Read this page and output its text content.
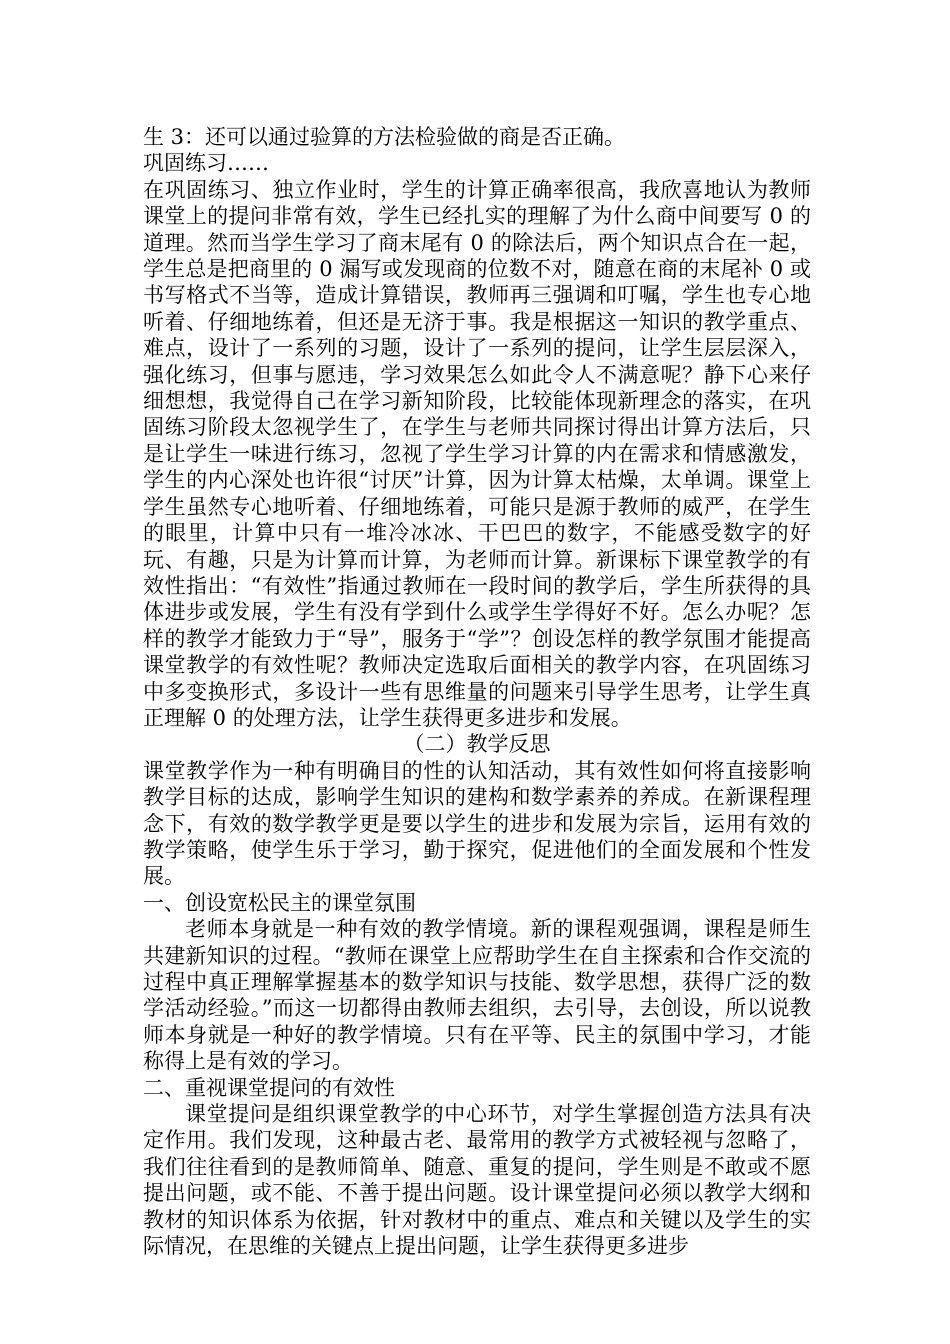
生 3：还可以通过验算的方法检验做的商是否正确。

巩固练习……

在巩固练习、独立作业时，学生的计算正确率很高，我欣喜地认为教师课堂上的提问非常有效，学生已经扎实的理解了为什么商中间要写 0 的道理。然而当学生学习了商末尾有 0 的除法后，两个知识点合在一起，学生总是把商里的 0 漏写或发现商的位数不对，随意在商的末尾补 0 或书写格式不当等，造成计算错误，教师再三强调和叮嘱，学生也专心地听着、仔细地练着，但还是无济于事。我是根据这一知识的教学重点、难点，设计了一系列的习题，设计了一系列的提问，让学生层层深入，强化练习，但事与愿违，学习效果怎么如此令人不满意呢？静下心来仔细想想，我觉得自己在学习新知阶段，比较能体现新理念的落实，在巩固练习阶段太忽视学生了，在学生与老师共同探讨得出计算方法后，只是让学生一味进行练习，忽视了学生学习计算的内在需求和情感激发，学生的内心深处也许很“讨厌”计算，因为计算太枯燥，太单调。课堂上学生虽然专心地听着、仔细地练着，可能只是源于教师的威严，在学生的眼里，计算中只有一堆冷冰冰、干巴巴的数字，不能感受数字的好玩、有趣，只是为计算而计算，为老师而计算。新课标下课堂教学的有效性指出：“有效性”指通过教师在一段时间的教学后，学生所获得的具体进步或发展，学生有没有学到什么或学生学得好不好。怎么办呢？怎样的教学才能致力于“导”，服务于“学”？创设怎样的教学氛围才能提高课堂教学的有效性呢？教师决定选取后面相关的教学内容，在巩固练习中多变换形式，多设计一些有思维量的问题来引导学生思考，让学生真正理解 0 的处理方法，让学生获得更多进步和发展。

（二）教学反思

课堂教学作为一种有明确目的性的认知活动，其有效性如何将直接影响教学目标的达成，影响学生知识的建构和数学素养的养成。在新课程理念下，有效的数学教学更是要以学生的进步和发展为宗旨，运用有效的教学策略，使学生乐于学习，勤于探究，促进他们的全面发展和个性发展。

一、创设宽松民主的课堂氛围

老师本身就是一种有效的教学情境。新的课程观强调，课程是师生共建新知识的过程。“教师在课堂上应帮助学生在自主探索和合作交流的过程中真正理解掌握基本的数学知识与技能、数学思想，获得广泛的数学活动经验。”而这一切都得由教师去组织，去引导，去创设，所以说教师本身就是一种好的教学情境。只有在平等、民主的氛围中学习，才能称得上是有效的学习。

二、重视课堂提问的有效性

课堂提问是组织课堂教学的中心环节，对学生掌握创造方法具有决定作用。我们发现，这种最古老、最常用的教学方式被轻视与忽略了，我们往往看到的是教师简单、随意、重复的提问，学生则是不敢或不愿提出问题，或不能、不善于提出问题。设计课堂提问必须以教学大纲和教材的知识体系为依据，针对教材中的重点、难点和关键以及学生的实际情况，在思维的关键点上提出问题，让学生获得更多进步
